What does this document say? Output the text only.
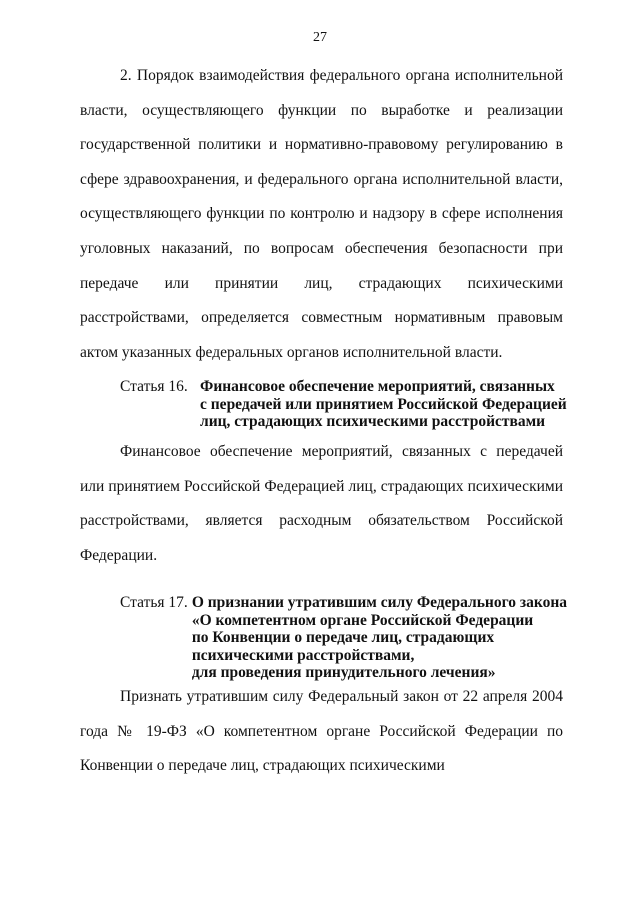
27

2. Порядок взаимодействия федерального органа исполнительной власти, осуществляющего функции по выработке и реализации государственной политики и нормативно-правовому регулированию в сфере здравоохранения, и федерального органа исполнительной власти, осуществляющего функции по контролю и надзору в сфере исполнения уголовных наказаний, по вопросам обеспечения безопасности при передаче или принятии лиц, страдающих психическими расстройствами, определяется совместным нормативным правовым актом указанных федеральных органов исполнительной власти.

Статья 16. Финансовое обеспечение мероприятий, связанных
с передачей или принятием Российской Федерацией
лиц, страдающих психическими расстройствами

Финансовое обеспечение мероприятий, связанных с передачей или принятием Российской Федерацией лиц, страдающих психическими расстройствами, является расходным обязательством Российской Федерации.

Статья 17. О признании утратившим силу Федерального закона
«О компетентном органе Российской Федерации
по Конвенции о передаче лиц, страдающих
психическими расстройствами,
для проведения принудительного лечения»

Признать утратившим силу Федеральный закон от 22 апреля 2004 года № 19-ФЗ «О компетентном органе Российской Федерации по Конвенции о передаче лиц, страдающих психическими
